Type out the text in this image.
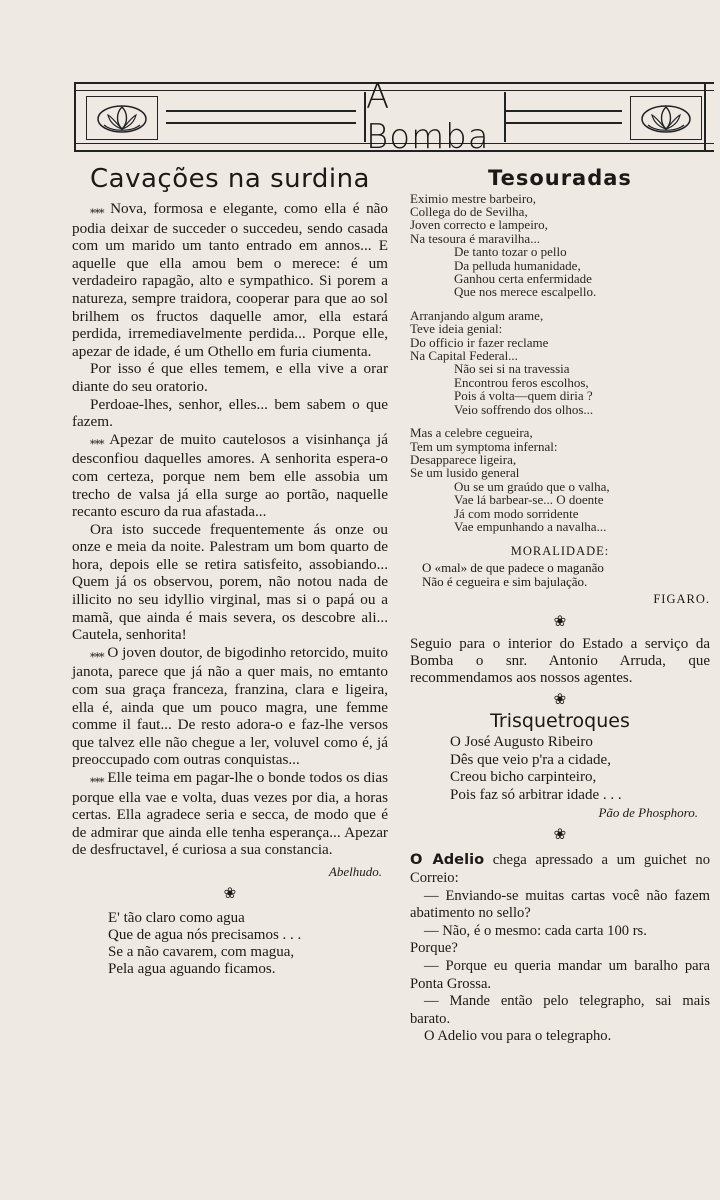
A Bomba
Cavações na surdina

⁎⁎⁎ Nova, formosa e elegante, como ella é não podia deixar de succeder o succedeu, sendo casada com um marido um tanto entrado em annos... E aquelle que ella amou bem o merece: é um verdadeiro rapagão, alto e sympathico. Si porem a natureza, sempre traidora, cooperar para que ao sol brilhem os fructos daquelle amor, ella estará perdida, irremediavelmente perdida... Porque elle, apezar de idade, é um Othello em furia ciumenta.

Por isso é que elles temem, e ella vive a orar diante do seu oratorio.

Perdoae-lhes, senhor, elles... bem sabem o que fazem.

⁎⁎⁎ Apezar de muito cautelosos a visinhança já desconfiou daquelles amores. A senhorita espera-o com certeza, porque nem bem elle assobia um trecho de valsa já ella surge ao portão, naquelle recanto escuro da rua afastada...

Ora isto succede frequentemente ás onze ou onze e meia da noite. Palestram um bom quarto de hora, depois elle se retira satisfeito, assobiando... Quem já os observou, porem, não notou nada de illicito no seu idyllio virginal, mas si o papá ou a mamã, que ainda é mais severa, os descobre ali... Cautela, senhorita!

⁎⁎⁎ O joven doutor, de bigodinho retorcido, muito janota, parece que já não a quer mais, no emtanto com sua graça franceza, franzina, clara e ligeira, ella é, ainda que um pouco magra, une femme comme il faut... De resto adora-o e faz-lhe versos que talvez elle não chegue a ler, voluvel como é, já preoccupado com outras conquistas...

⁎⁎⁎ Elle teima em pagar-lhe o bonde todos os dias porque ella vae e volta, duas vezes por dia, a horas certas. Ella agradece seria e secca, de modo que é de admirar que ainda elle tenha esperança... Apezar de desfructavel, é curiosa a sua constancia.

Abelhudo.
❀
E' tão claro como agua
Que de agua nós precisamos . . .
Se a não cavarem, com magua,
Pela agua aguando ficamos.
Tesouradas
Eximio mestre barbeiro,
Collega do de Sevilha,
Joven correcto e lampeiro,
Na tesoura é maravilha...
De tanto tozar o pello
Da pelluda humanidade,
Ganhou certa enfermidade
Que nos merece escalpello.
Arranjando algum arame,
Teve ideia genial:
Do officio ir fazer reclame
Na Capital Federal...
Não sei si na travessia
Encontrou feros escolhos,
Pois á volta—quem diria ?
Veio soffrendo dos olhos...
Mas a celebre cegueira,
Tem um symptoma infernal:
Desapparece ligeira,
Se um lusido general
Ou se um graúdo que o valha,
Vae lá barbear-se... O doente
Já com modo sorridente
Vae empunhando a navalha...
MORALIDADE:
O «mal» de que padece o maganão
Não é cegueira e sim bajulação.
FIGARO.
❀
Seguio para o interior do Estado a serviço da Bomba o snr. Antonio Arruda, que recommendamos aos nossos agentes.
❀
Trisquetroques
O José Augusto Ribeiro
Dês que veio p'ra a cidade,
Creou bicho carpinteiro,
Pois faz só arbitrar idade . . .
Pão de Phosphoro.
❀
O Adelio chega apressado a um guichet no Correio:
— Enviando-se muitas cartas você não fazem abatimento no sello?
— Não, é o mesmo: cada carta 100 rs.
Porque?
— Porque eu queria mandar um baralho para Ponta Grossa.
— Mande então pelo telegrapho, sai mais barato.
O Adelio vou para o telegrapho.
